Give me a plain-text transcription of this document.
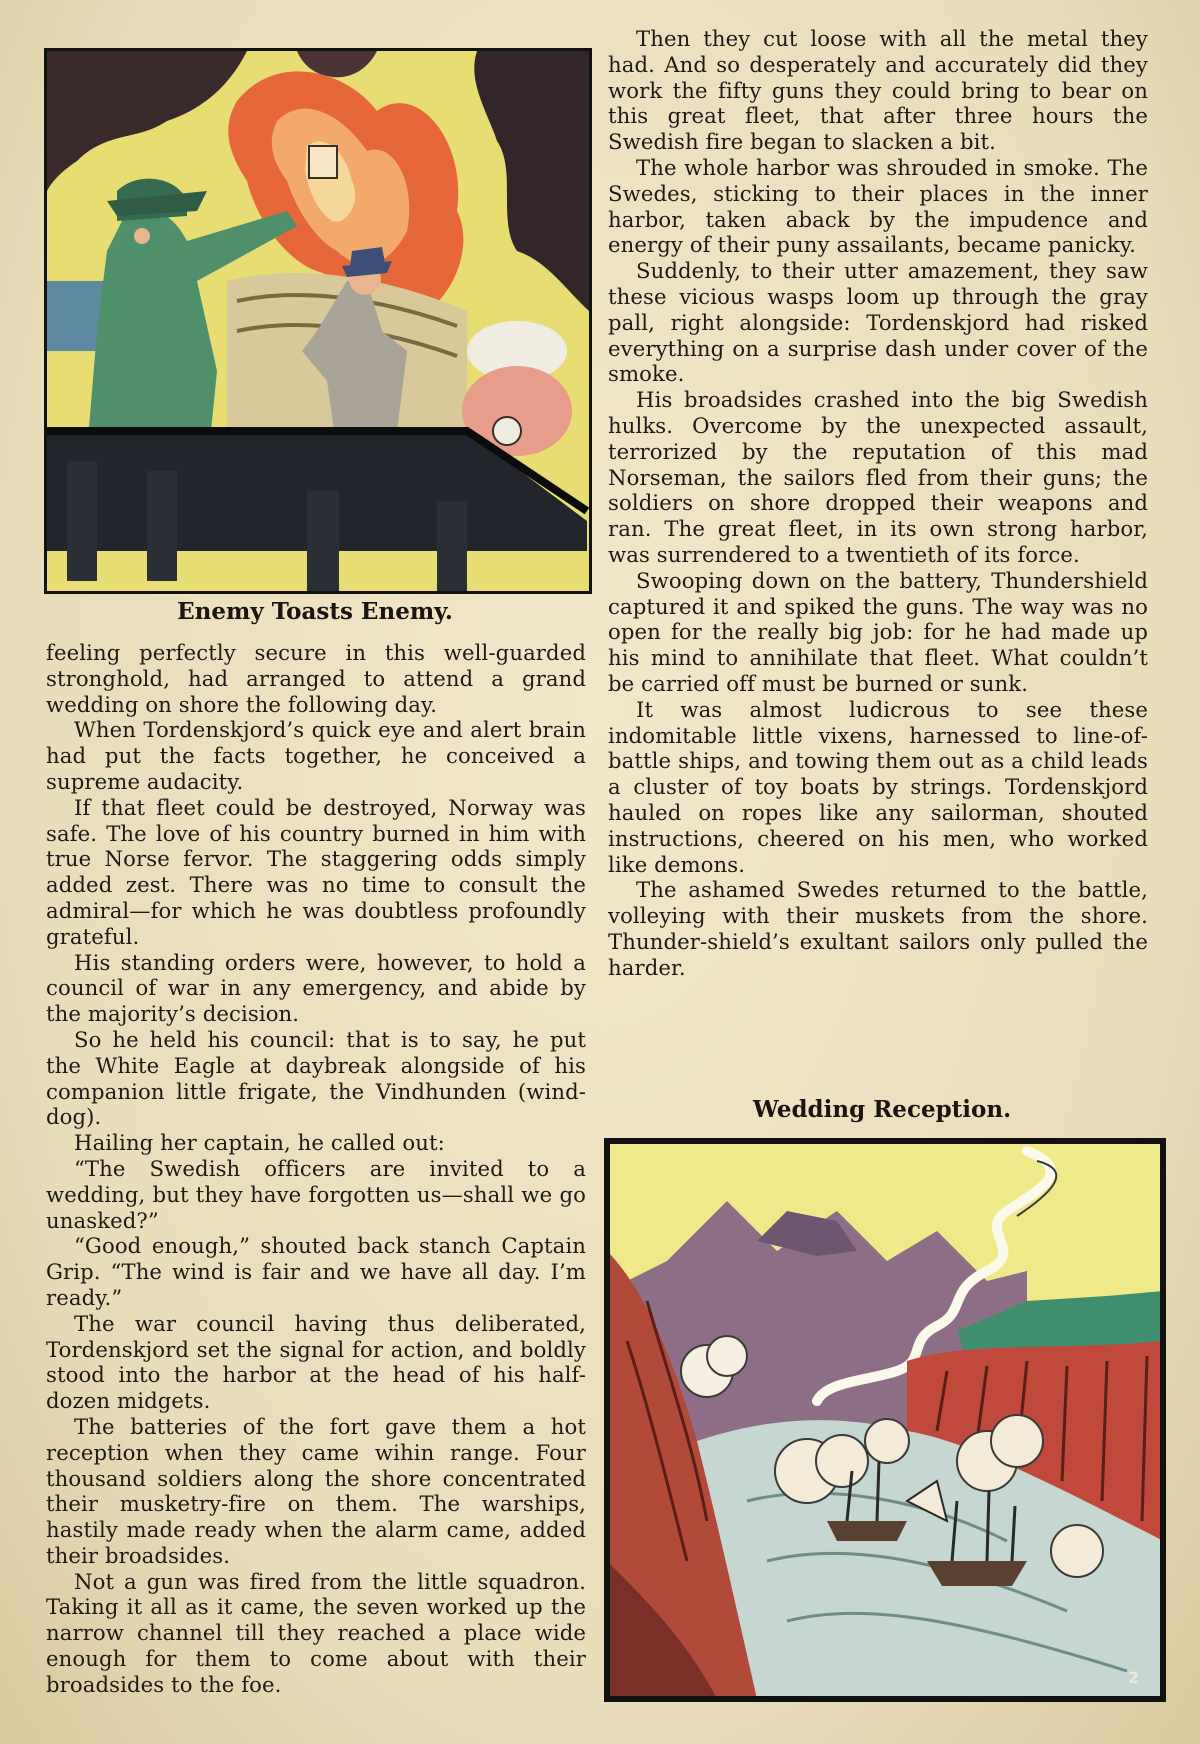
Enemy Toasts Enemy.

feeling perfectly secure in this well-guarded stronghold, had arranged to attend a grand wedding on shore the following day.

When Tordenskjord’s quick eye and alert brain had put the facts together, he conceived a supreme audacity.

If that fleet could be destroyed, Norway was safe. The love of his country burned in him with true Norse fervor. The staggering odds simply added zest. There was no time to consult the admiral—for which he was doubtless profoundly grateful.

His standing orders were, however, to hold a council of war in any emergency, and abide by the majority’s decision.

So he held his council: that is to say, he put the White Eagle at daybreak alongside of his companion little frigate, the Vindhunden (wind-dog).

Hailing her captain, he called out:

“The Swedish officers are invited to a wedding, but they have forgotten us—shall we go unasked?”

“Good enough,” shouted back stanch Captain Grip. “The wind is fair and we have all day. I’m ready.”

The war council having thus deliberated, Tordenskjord set the signal for action, and boldly stood into the harbor at the head of his half-dozen midgets.

The batteries of the fort gave them a hot reception when they came wihin range. Four thousand soldiers along the shore concentrated their musketry-fire on them. The warships, hastily made ready when the alarm came, added their broadsides.

Not a gun was fired from the little squadron. Taking it all as it came, the seven worked up the narrow channel till they reached a place wide enough for them to come about with their broadsides to the foe.

Then they cut loose with all the metal they had. And so desperately and accurately did they work the fifty guns they could bring to bear on this great fleet, that after three hours the Swedish fire began to slacken a bit.

The whole harbor was shrouded in smoke. The Swedes, sticking to their places in the inner harbor, taken aback by the impudence and energy of their puny assailants, became panicky.

Suddenly, to their utter amazement, they saw these vicious wasps loom up through the gray pall, right alongside: Tordenskjord had risked everything on a surprise dash under cover of the smoke.

His broadsides crashed into the big Swedish hulks. Overcome by the unexpected assault, terrorized by the reputation of this mad Norseman, the sailors fled from their guns; the soldiers on shore dropped their weapons and ran. The great fleet, in its own strong harbor, was surrendered to a twentieth of its force.

Swooping down on the battery, Thundershield captured it and spiked the guns. The way was no open for the really big job: for he had made up his mind to annihilate that fleet. What couldn’t be carried off must be burned or sunk.

It was almost ludicrous to see these indomitable little vixens, harnessed to line-of-battle ships, and towing them out as a child leads a cluster of toy boats by strings. Tordenskjord hauled on ropes like any sailorman, shouted instructions, cheered on his men, who worked like demons.

The ashamed Swedes returned to the battle, volleying with their muskets from the shore. Thunder-shield’s exultant sailors only pulled the harder.

Wedding Reception.
2
